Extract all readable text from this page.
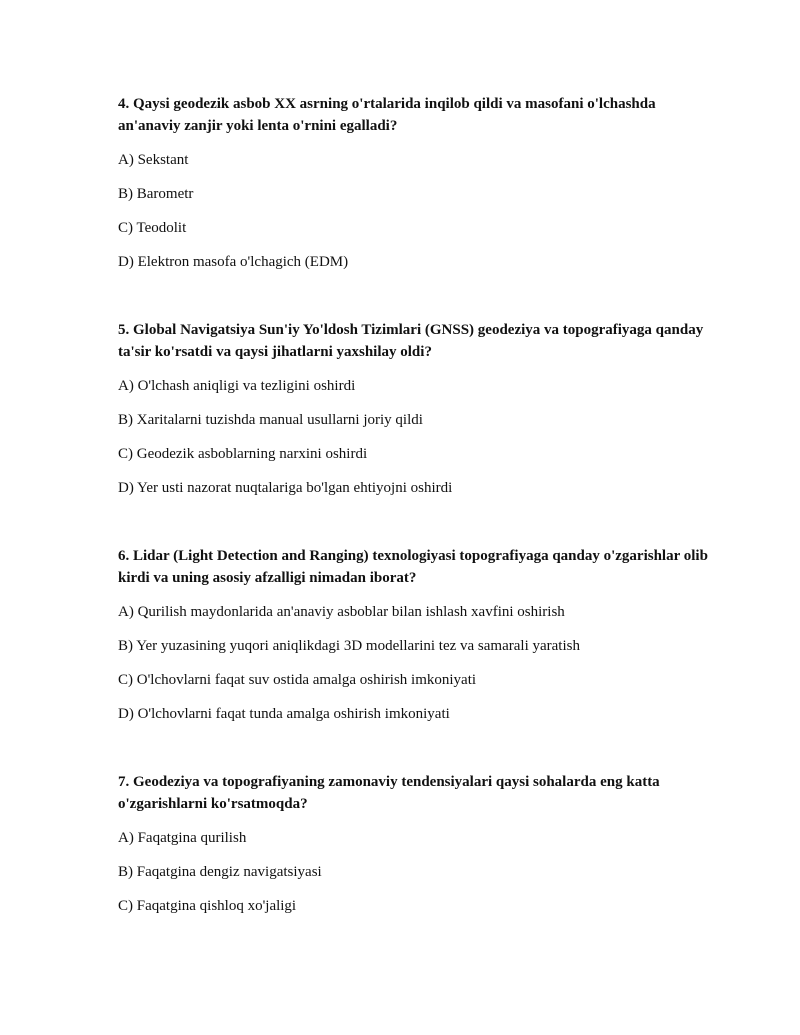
4. Qaysi geodezik asbob XX asrning o'rtalarida inqilob qildi va masofani o'lchashda an'anaviy zanjir yoki lenta o'rnini egalladi?

A) Sekstant

B) Barometr

C) Teodolit

D) Elektron masofa o'lchagich (EDM)

5. Global Navigatsiya Sun'iy Yo'ldosh Tizimlari (GNSS) geodeziya va topografiyaga qanday ta'sir ko'rsatdi va qaysi jihatlarni yaxshilay oldi?

A) O'lchash aniqligi va tezligini oshirdi

B) Xaritalarni tuzishda manual usullarni joriy qildi

C) Geodezik asboblarning narxini oshirdi

D) Yer usti nazorat nuqtalariga bo'lgan ehtiyojni oshirdi

6. Lidar (Light Detection and Ranging) texnologiyasi topografiyaga qanday o'zgarishlar olib kirdi va uning asosiy afzalligi nimadan iborat?

A) Qurilish maydonlarida an'anaviy asboblar bilan ishlash xavfini oshirish

B) Yer yuzasining yuqori aniqlikdagi 3D modellarini tez va samarali yaratish

C) O'lchovlarni faqat suv ostida amalga oshirish imkoniyati

D) O'lchovlarni faqat tunda amalga oshirish imkoniyati

7. Geodeziya va topografiyaning zamonaviy tendensiyalari qaysi sohalarda eng katta o'zgarishlarni ko'rsatmoqda?

A) Faqatgina qurilish

B) Faqatgina dengiz navigatsiyasi

C) Faqatgina qishloq xo'jaligi
